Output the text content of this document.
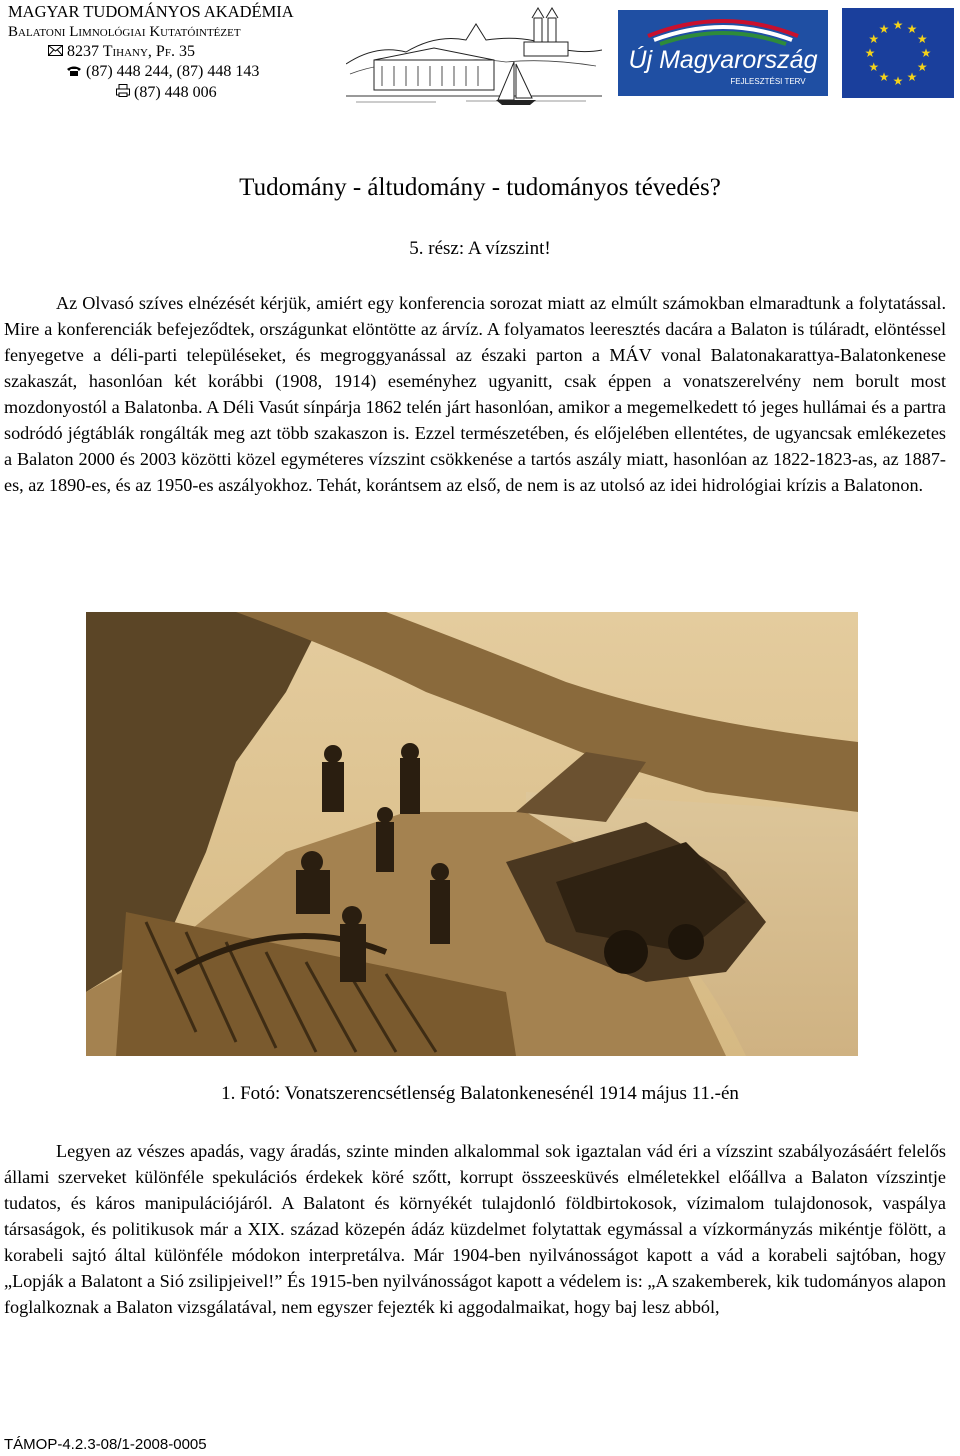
MAGYAR TUDOMÁNYOS AKADÉMIA
Balatoni Limnológiai Kutatóintézet
8237 Tihany, Pf. 35
(87) 448 244, (87) 448 143
(87) 448 006
Új Magyarország
FEJLESZTÉSI TERV
★
★
★
★
★
★
★
★
★ ★ ★
★
Tudomány - áltudomány - tudományos tévedés?
5. rész: A vízszint!
Az Olvasó szíves elnézését kérjük, amiért egy konferencia sorozat miatt az elmúlt számokban elmaradtunk a folytatással. Mire a konferenciák befejeződtek, országunkat elöntötte az árvíz. A folyamatos leeresztés dacára a Balaton is túláradt, elöntéssel fenyegetve a déli-parti településeket, és megroggyanással az északi parton a MÁV vonal Balatonakarattya-Balatonkenese szakaszát, hasonlóan két korábbi (1908, 1914) eseményhez ugyanitt, csak éppen a vonatszerelvény nem borult most mozdonyostól a Balatonba. A Déli Vasút sínpárja 1862 telén járt hasonlóan, amikor a megemelkedett tó jeges hullámai és a partra sodródó jégtáblák rongálták meg azt több szakaszon is. Ezzel természetében, és előjelében ellentétes, de ugyancsak emlékezetes a Balaton 2000 és 2003 közötti közel egyméteres vízszint csökkenése a tartós aszály miatt, hasonlóan az 1822-1823-as, az 1887-es, az 1890-es, és az 1950-es aszályokhoz. Tehát, korántsem az első, de nem is az utolsó az idei hidrológiai krízis a Balatonon.
1. Fotó: Vonatszerencsétlenség Balatonkenesénél 1914 május 11.-én
Legyen az vészes apadás, vagy áradás, szinte minden alkalommal sok igaztalan vád éri a vízszint szabályozásáért felelős állami szerveket különféle spekulációs érdekek köré szőtt, korrupt összeesküvés elméletekkel előállva a Balaton vízszintje tudatos, és káros manipulációjáról. A Balatont és környékét tulajdonló földbirtokosok, vízimalom tulajdonosok, vaspálya társaságok, és politikusok már a XIX. század közepén ádáz küzdelmet folytattak egymással a vízkormányzás mikéntje fölött, a korabeli sajtó által különféle módokon interpretálva. Már 1904-ben nyilvánosságot kapott a vád a korabeli sajtóban, hogy „Lopják a Balatont a Sió zsilipjeivel!” És 1915-ben nyilvánosságot kapott a védelem is: „A szakemberek, kik tudományos alapon foglalkoznak a Balaton vizsgálatával, nem egyszer fejezték ki aggodalmaikat, hogy baj lesz abból,
TÁMOP-4.2.3-08/1-2008-0005
